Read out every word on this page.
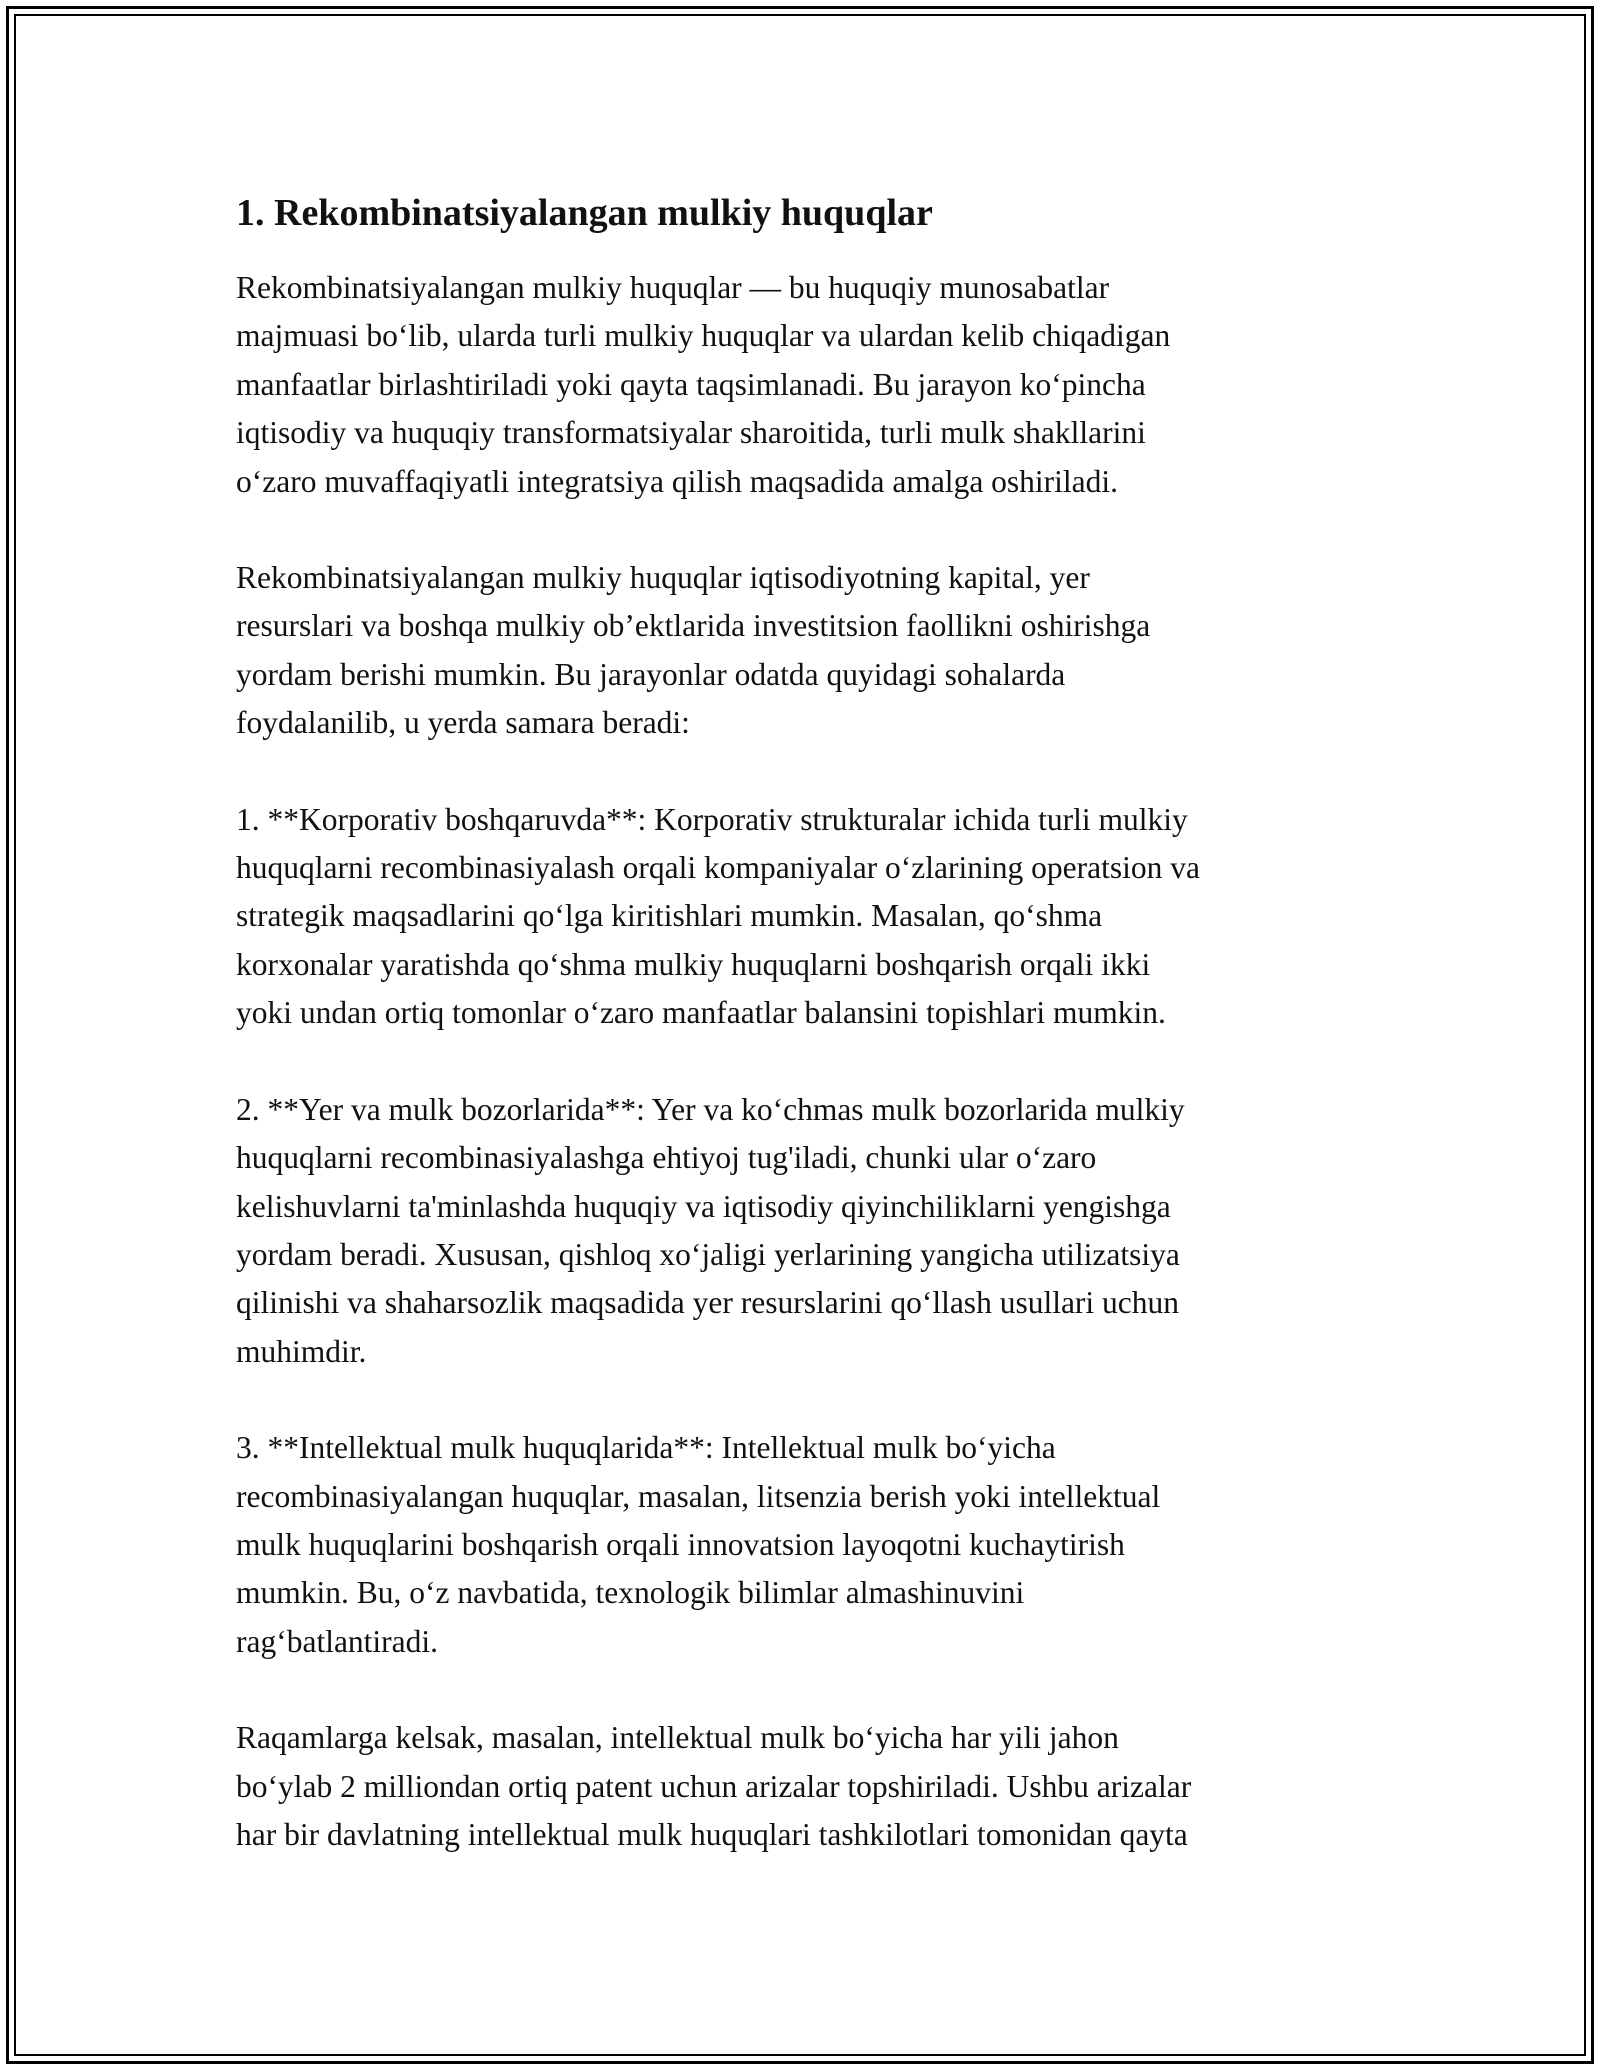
1. Rekombinatsiyalangan mulkiy huquqlar

Rekombinatsiyalangan mulkiy huquqlar — bu huquqiy munosabatlar
majmuasi bo‘lib, ularda turli mulkiy huquqlar va ulardan kelib chiqadigan
manfaatlar birlashtiriladi yoki qayta taqsimlanadi. Bu jarayon ko‘pincha
iqtisodiy va huquqiy transformatsiyalar sharoitida, turli mulk shakllarini
o‘zaro muvaffaqiyatli integratsiya qilish maqsadida amalga oshiriladi.

Rekombinatsiyalangan mulkiy huquqlar iqtisodiyotning kapital, yer
resurslari va boshqa mulkiy ob’ektlarida investitsion faollikni oshirishga
yordam berishi mumkin. Bu jarayonlar odatda quyidagi sohalarda
foydalanilib, u yerda samara beradi:

1. **Korporativ boshqaruvda**: Korporativ strukturalar ichida turli mulkiy
huquqlarni recombinasiyalash orqali kompaniyalar o‘zlarining operatsion va
strategik maqsadlarini qo‘lga kiritishlari mumkin. Masalan, qo‘shma
korxonalar yaratishda qo‘shma mulkiy huquqlarni boshqarish orqali ikki
yoki undan ortiq tomonlar o‘zaro manfaatlar balansini topishlari mumkin.

2. **Yer va mulk bozorlarida**: Yer va ko‘chmas mulk bozorlarida mulkiy
huquqlarni recombinasiyalashga ehtiyoj tug'iladi, chunki ular o‘zaro
kelishuvlarni ta'minlashda huquqiy va iqtisodiy qiyinchiliklarni yengishga
yordam beradi. Xususan, qishloq xo‘jaligi yerlarining yangicha utilizatsiya
qilinishi va shaharsozlik maqsadida yer resurslarini qo‘llash usullari uchun
muhimdir.

3. **Intellektual mulk huquqlarida**: Intellektual mulk bo‘yicha
recombinasiyalangan huquqlar, masalan, litsenzia berish yoki intellektual
mulk huquqlarini boshqarish orqali innovatsion layoqotni kuchaytirish
mumkin. Bu, o‘z navbatida, texnologik bilimlar almashinuvini
rag‘batlantiradi.

Raqamlarga kelsak, masalan, intellektual mulk bo‘yicha har yili jahon
bo‘ylab 2 milliondan ortiq patent uchun arizalar topshiriladi. Ushbu arizalar
har bir davlatning intellektual mulk huquqlari tashkilotlari tomonidan qayta
